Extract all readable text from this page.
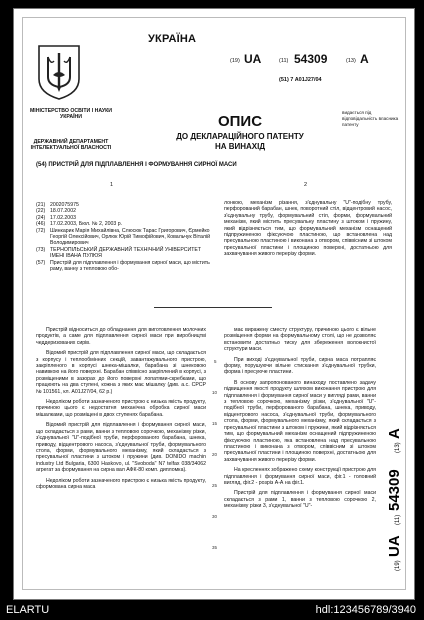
УКРАЇНА
МІНІСТЕРСТВО ОСВІТИ І НАУКИ УКРАЇНИ
ДЕРЖАВНИЙ ДЕПАРТАМЕНТ ІНТЕЛЕКТУАЛЬНОЇ ВЛАСНОСТІ
(19) UA	(11) 54309	(13) A
(51) 7 A01J27/04
ОПИС
ДО ДЕКЛАРАЦІЙНОГО ПАТЕНТУ
НА ВИНАХІД
видається під відповідальність власника патенту
(54) ПРИСТРІЙ ДЛЯ ПІДПЛАВЛЕННЯ І ФОРМУВАННЯ СИРНОЇ МАСИ
1	2
(21) 2002075975
(22) 18.07.2002
(24) 17.02.2003
(46) 17.02.2003, Бюл. № 2, 2003 р.
(72) Шинкарик Марія Михайлівна, Слюсюк Тарас Григорович, Єрмейко Георгій Олексійович, Орлюк Юрій Тимофійович, Ковальчук Віталій Володимирович
(73) ТЕРНОПІЛЬСЬКИЙ ДЕРЖАВНИЙ ТЕХНІЧНИЙ УНІВЕРСИТЕТ ІМЕНІ ІВАНА ПУЛЮЯ
(57) Пристрій для підплавлення і формування сирної маси, що містить раму, ванну з тепловою обо-
лонкою, механізм різання, з'єднувальну "U"-подібну трубу, перфорований барабан, шнек, поворотний стіл, відцентровий насос, з'єднувальну трубу, формувальний стіл, форми, формувальний механізм, який містить пресувальну пластину з штоком і пружину, який відрізняється тим, що формувальний механізм оснащений підпружиненою фіксуючою пластиною, що встановлена над пресувальною пластиною і виконана з отвором, співвісним зі штоком пресувальної пластини і площиною поверхні, достатньою для захвачування живого перерізу форми.

Пристрій відноситься до обладнання для виготовлення молочних продуктів, а саме для підплавлення сирної маси при виробництві чеддеризованих сирів.

Відомий пристрій для підплавлення сирної маси, що складається з корпусу і теплообмінних секцій, завантажувального пристрою, закріпленого в корпусі шнека-мішалки, барабана зі шнековою навивкою на його поверхні. Барабан співвісно закріплений в корпусі, з розміщеними в зазорах до його поверхні лопатями-скребками, що працюють на два ступені, кожна з яких має мішалку (див. а.с. СРСР № 101561, кл. A01J27/04, 62 р.)

Недоліком роботи зазначеного пристрою є низька якість продукту, причиною цього є недостатня механічна обробка сирної маси мішалками, що розміщені в двох ступенях барабана.

Відомий пристрій для підплавлення і формування сирної маси, що складається з рами, ванни з тепловою сорочкою, механізму різки, з'єднувальної "U"-подібної труби, перфорованого барабана, шнека, приводу, відцентрового насоса, з'єднувальної труби, формувального стола, форми, формувального механізму, який складається з пресувальної пластини з штоком і пружини (див. DONIDO machin industry Ltd Bulgaria, 6300 Haskovo, ul. "Svoboda" N7 telfax 038/34062 агрегат за формування на сирна вал АФК-80 комп. дипломка).

Недоліком роботи зазначеного пристрою є низька якість продукту, сформована сирна маса

5
10
15
20
25
30
35

має виражену сместу структуру, причиною цього є вільне розміщення форми на формувальному столі, що не дозволяє встановити достатньо тиску для збереження волокнистої структури маси.

При виході з'єднувальної труби, сирна маса потрапляє форму, порушуючи вільне стискання з'єднувальної трубки, форма і пресуюче пластини.

В основу запропонованого винаходу поставлено задачу підвищення якості продукту шляхом виконання пристрою для підплавлення і формування сирної маси у вигляді рами, ванни з тепловою сорочкою, механізму різки, з'єднувальної "U"-подібної труби, перфорованого барабана, шнека, приводу, відцентрового насоса, з'єднувальної труби, формувального стола, форми, формувального механізму, який складається з пресувальної пластини з штоком і пружини, який відрізняється тим, що формувальний механізм оснащений підпружиненою фіксуючою пластиною, яка встановлена над пресувальною пластиною і виконана з отвором, співвісним зі штоком пресувальної пластини і площиною поверхні, достатньою для захвачування живого перерізу форми.

На кресленнях зображено схему конструкції пристрою для підплавлення і формування сирної маси, фіг.1 - головний вигляд, фіг.2 - розріз А-А на фіг.1.

Пристрій для підплавлення і формування сирної маси складається з рами 1, ванни з тепловою сорочкою 2, механізму різки 3, з'єднувальної "U"-

(19)
UA
(11)
54309
(13)
A
ELARTU	hdl:123456789/3940
